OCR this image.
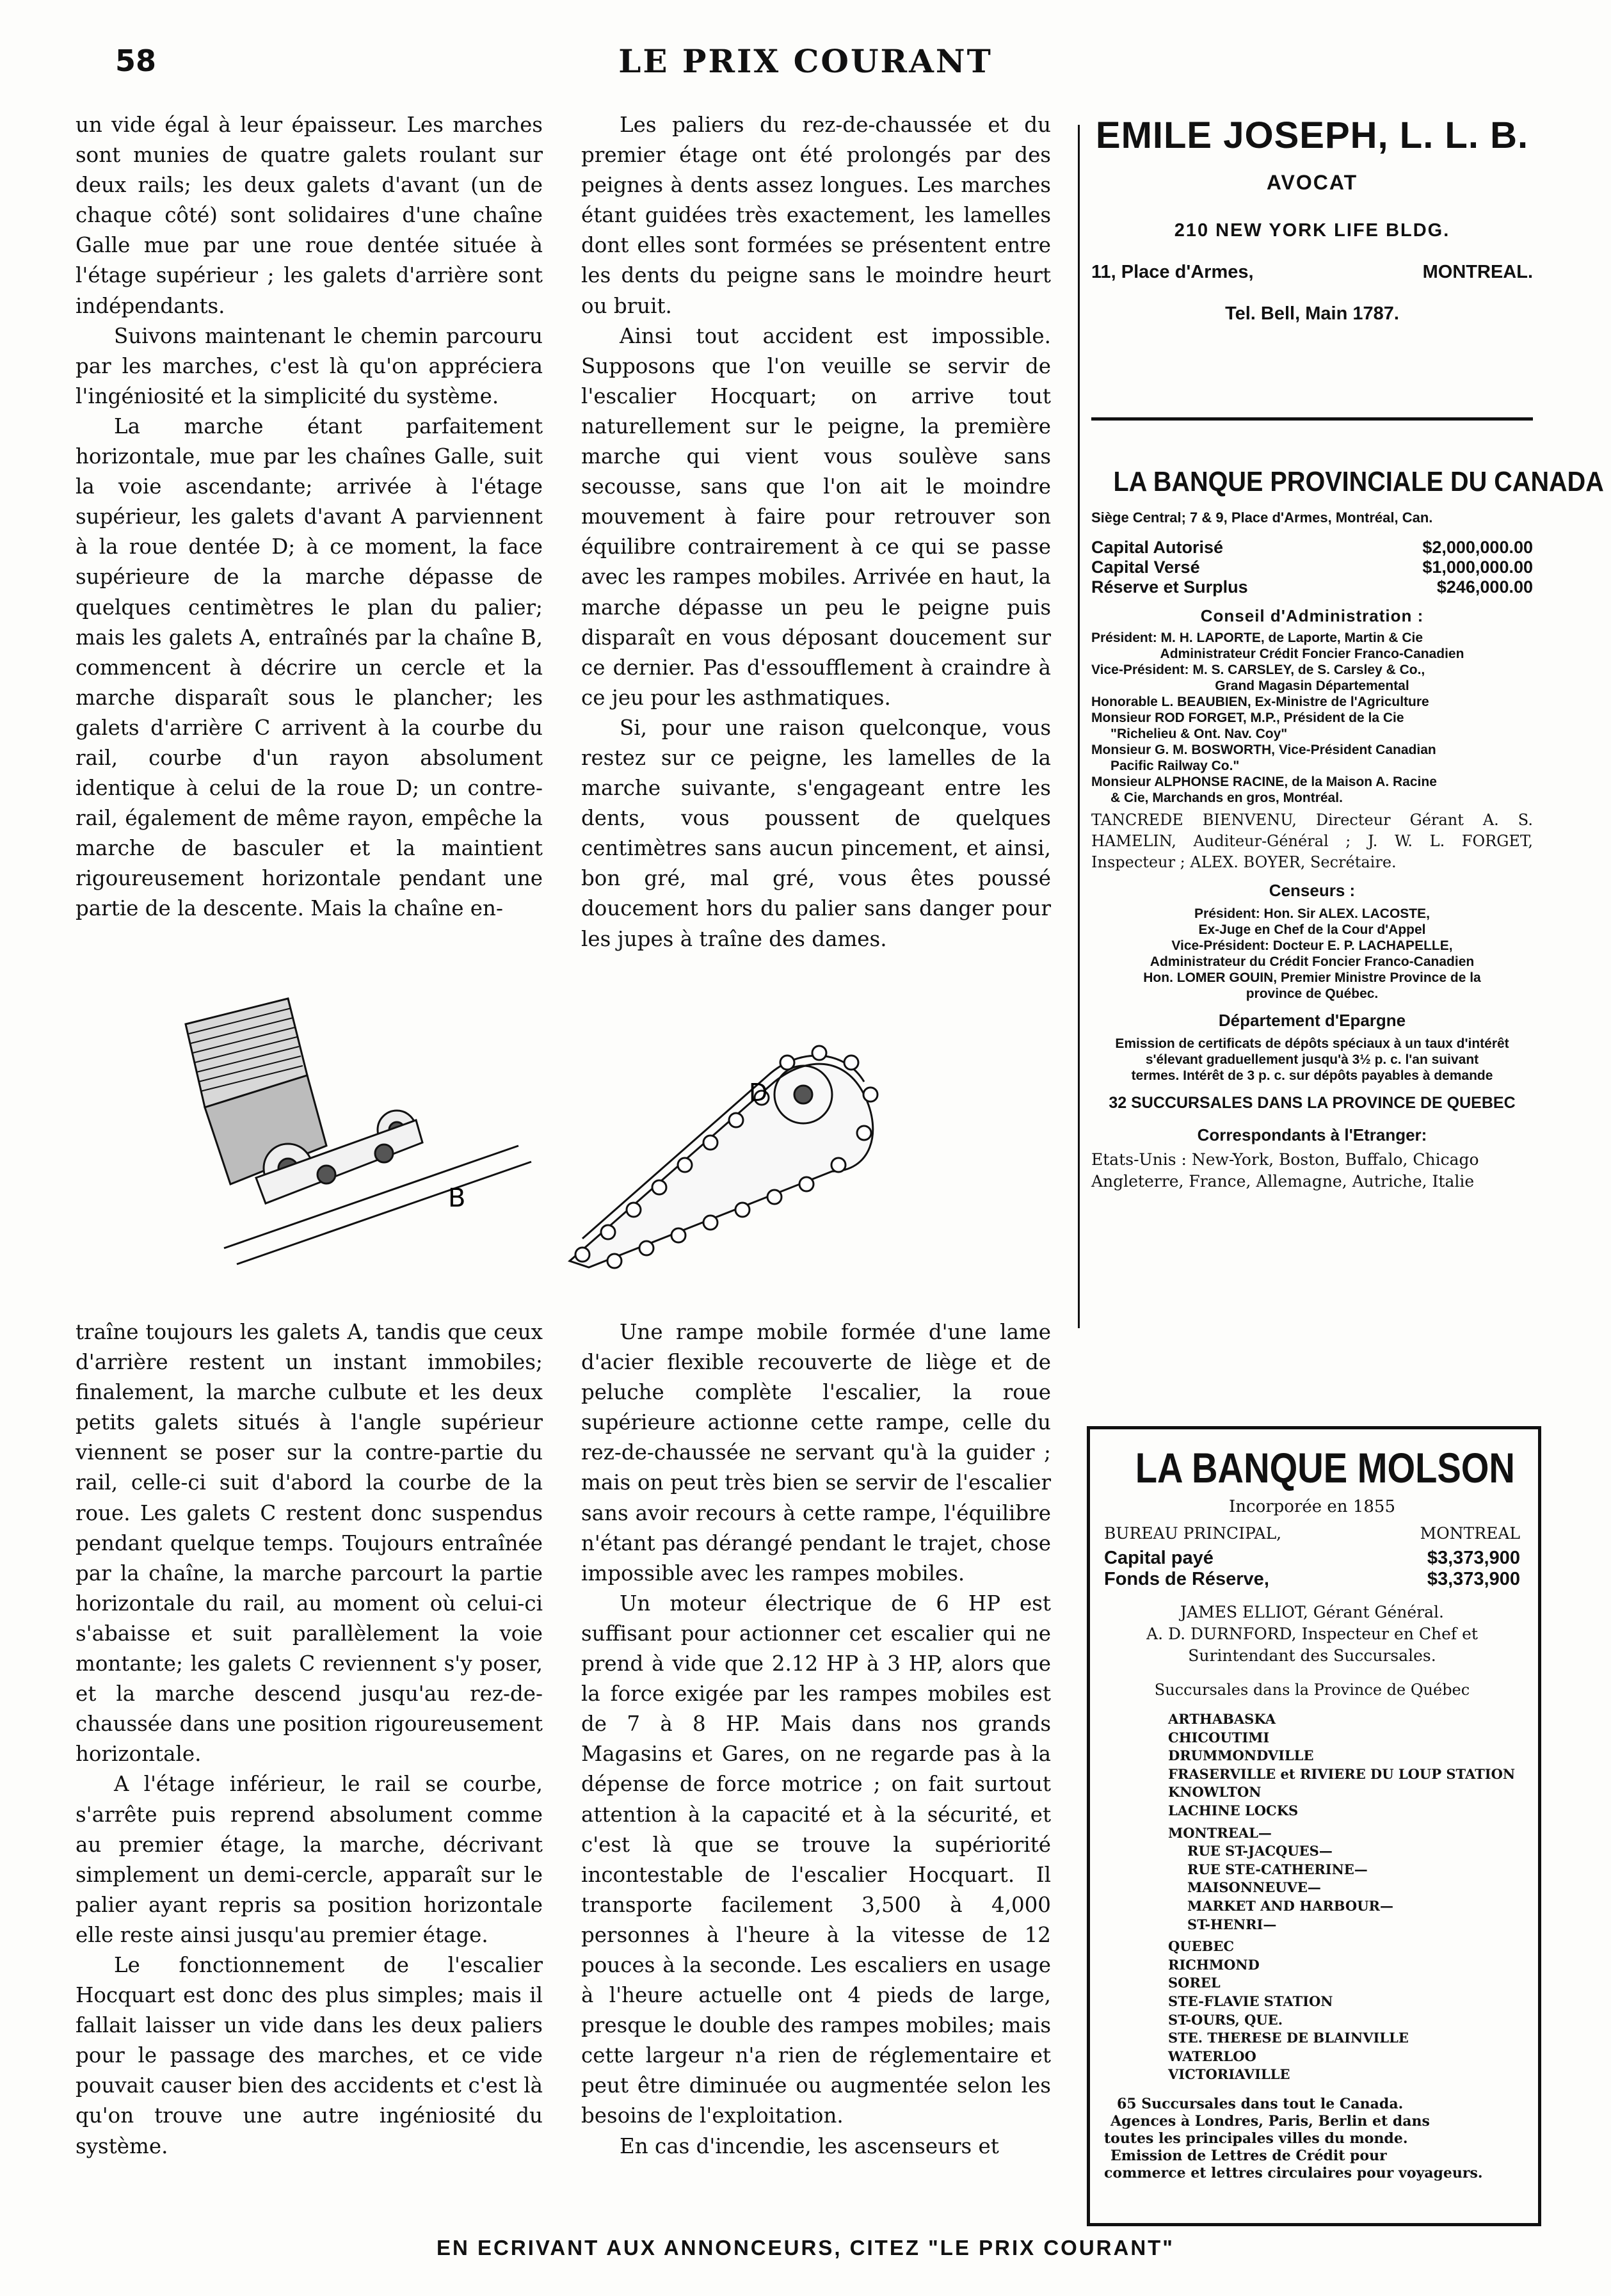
58	LE PRIX COURANT

un vide égal à leur épaisseur. Les marches sont munies de quatre galets roulant sur deux rails; les deux galets d'avant (un de chaque côté) sont solidaires d'une chaîne Galle mue par une roue dentée située à l'étage supérieur ; les galets d'arrière sont indépendants.

Suivons maintenant le chemin parcouru par les marches, c'est là qu'on appréciera l'ingéniosité et la simplicité du système.

La marche étant parfaitement horizontale, mue par les chaînes Galle, suit la voie ascendante; arrivée à l'étage supérieur, les galets d'avant A parviennent à la roue dentée D; à ce moment, la face supérieure de la marche dépasse de quelques centimètres le plan du palier; mais les galets A, entraînés par la chaîne B, commencent à décrire un cercle et la marche disparaît sous le plancher; les galets d'arrière C arrivent à la courbe du rail, courbe d'un rayon absolument identique à celui de la roue D; un contre-rail, également de même rayon, empêche la marche de basculer et la maintient rigoureusement horizontale pendant une partie de la descente. Mais la chaîne en-

Les paliers du rez-de-chaussée et du premier étage ont été prolongés par des peignes à dents assez longues. Les marches étant guidées très exactement, les lamelles dont elles sont formées se présentent entre les dents du peigne sans le moindre heurt ou bruit.

Ainsi tout accident est impossible. Supposons que l'on veuille se servir de l'escalier Hocquart; on arrive tout naturellement sur le peigne, la première marche qui vient vous soulève sans secousse, sans que l'on ait le moindre mouvement à faire pour retrouver son équilibre contrairement à ce qui se passe avec les rampes mobiles. Arrivée en haut, la marche dépasse un peu le peigne puis disparaît en vous déposant doucement sur ce dernier. Pas d'essoufflement à craindre à ce jeu pour les asthmatiques.

Si, pour une raison quelconque, vous restez sur ce peigne, les lamelles de la marche suivante, s'engageant entre les dents, vous poussent de quelques centimètres sans aucun pincement, et ainsi, bon gré, mal gré, vous êtes poussé doucement hors du palier sans danger pour les jupes à traîne des dames.

B
D

traîne toujours les galets A, tandis que ceux d'arrière restent un instant immobiles; finalement, la marche culbute et les deux petits galets situés à l'angle supérieur viennent se poser sur la contre-partie du rail, celle-ci suit d'abord la courbe de la roue. Les galets C restent donc suspendus pendant quelque temps. Toujours entraînée par la chaîne, la marche parcourt la partie horizontale du rail, au moment où celui-ci s'abaisse et suit parallèlement la voie montante; les galets C reviennent s'y poser, et la marche descend jusqu'au rez-de-chaussée dans une position rigoureusement horizontale.

A l'étage inférieur, le rail se courbe, s'arrête puis reprend absolument comme au premier étage, la marche, décrivant simplement un demi-cercle, apparaît sur le palier ayant repris sa position horizontale elle reste ainsi jusqu'au premier étage.

Le fonctionnement de l'escalier Hocquart est donc des plus simples; mais il fallait laisser un vide dans les deux paliers pour le passage des marches, et ce vide pouvait causer bien des accidents et c'est là qu'on trouve une autre ingéniosité du système.

Une rampe mobile formée d'une lame d'acier flexible recouverte de liège et de peluche complète l'escalier, la roue supérieure actionne cette rampe, celle du rez-de-chaussée ne servant qu'à la guider ; mais on peut très bien se servir de l'escalier sans avoir recours à cette rampe, l'équilibre n'étant pas dérangé pendant le trajet, chose impossible avec les rampes mobiles.

Un moteur électrique de 6 HP est suffisant pour actionner cet escalier qui ne prend à vide que 2.12 HP à 3 HP, alors que la force exigée par les rampes mobiles est de 7 à 8 HP. Mais dans nos grands Magasins et Gares, on ne regarde pas à la dépense de force motrice ; on fait surtout attention à la capacité et à la sécurité, et c'est là que se trouve la supériorité incontestable de l'escalier Hocquart. Il transporte facilement 3,500 à 4,000 personnes à l'heure à la vitesse de 12 pouces à la seconde. Les escaliers en usage à l'heure actuelle ont 4 pieds de large, presque le double des rampes mobiles; mais cette largeur n'a rien de réglementaire et peut être diminuée ou augmentée selon les besoins de l'exploitation.

En cas d'incendie, les ascenseurs et

EMILE JOSEPH, L. L. B.
AVOCAT
210 NEW YORK LIFE BLDG.
11, Place d'Armes,	MONTREAL.
Tel. Bell, Main 1787.
LA BANQUE PROVINCIALE DU CANADA
Siège Central; 7 & 9, Place d'Armes, Montréal, Can.
Capital Autorisé	$2,000,000.00
Capital Versé	$1,000,000.00
Réserve et Surplus	$246,000.00
Conseil d'Administration :
Président: M. H. LAPORTE, de Laporte, Martin & Cie
Administrateur Crédit Foncier Franco-Canadien
Vice-Président: M. S. CARSLEY, de S. Carsley & Co.,
Grand Magasin Départemental
Honorable L. BEAUBIEN, Ex-Ministre de l'Agriculture
Monsieur ROD FORGET, M.P., Président de la Cie
"Richelieu & Ont. Nav. Coy"
Monsieur G. M. BOSWORTH, Vice-Président Canadian
Pacific Railway Co."
Monsieur ALPHONSE RACINE, de la Maison A. Racine
& Cie, Marchands en gros, Montréal.
TANCREDE BIENVENU, Directeur Gérant A. S. HAMELIN, Auditeur-Général ; J. W. L. FORGET, Inspecteur ; ALEX. BOYER, Secrétaire.
Censeurs :
Président: Hon. Sir ALEX. LACOSTE,
Ex-Juge en Chef de la Cour d'Appel
Vice-Président: Docteur E. P. LACHAPELLE,
Administrateur du Crédit Foncier Franco-Canadien
Hon. LOMER GOUIN, Premier Ministre Province de la
province de Québec.
Département d'Epargne
Emission de certificats de dépôts spéciaux à un taux d'intérêt s'élevant graduellement jusqu'à 3½ p. c. l'an suivant
termes. Intérêt de 3 p. c. sur dépôts payables à demande
32 SUCCURSALES DANS LA PROVINCE DE QUEBEC
Correspondants à l'Etranger:
Etats-Unis : New-York, Boston, Buffalo, Chicago
Angleterre, France, Allemagne, Autriche, Italie
LA BANQUE MOLSON
Incorporée en 1855
BUREAU PRINCIPAL,	MONTREAL
Capital payé	$3,373,900
Fonds de Réserve,	$3,373,900
JAMES ELLIOT, Gérant Général.
A. D. DURNFORD, Inspecteur en Chef et Surintendant des Succursales.
Succursales dans la Province de Québec
ARTHABASKA
CHICOUTIMI
DRUMMONDVILLE
FRASERVILLE et RIVIERE DU LOUP STATION
KNOWLTON
LACHINE LOCKS
MONTREAL—
RUE ST-JACQUES—
RUE STE-CATHERINE—
MAISONNEUVE—
MARKET AND HARBOUR—
ST-HENRI—
QUEBEC
RICHMOND
SOREL
STE-FLAVIE STATION
ST-OURS, QUE.
STE. THERESE DE BLAINVILLE
WATERLOO
VICTORIAVILLE
65 Succursales dans tout le Canada.
Agences à Londres, Paris, Berlin et dans
toutes les principales villes du monde.
Emission de Lettres de Crédit pour
commerce et lettres circulaires pour voyageurs.
EN ECRIVANT AUX ANNONCEURS, CITEZ "LE PRIX COURANT"
